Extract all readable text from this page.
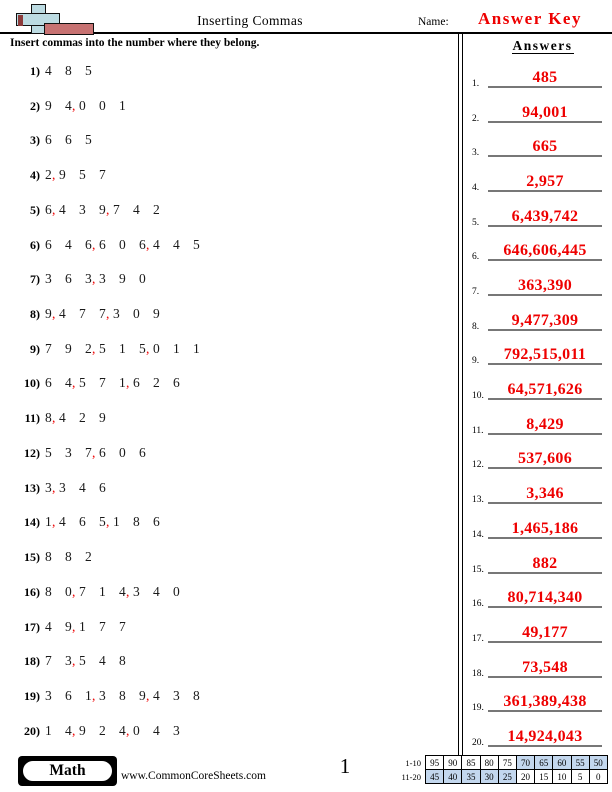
Inserting Commas	Name:	Answer Key
Insert commas into the number where they belong.
1) 4 8 5
2) 9 4, 0 0 1
3) 6 6 5
4) 2, 9 5 7
5) 6, 4 3 9, 7 4 2
6) 6 4 6, 6 0 6, 4 4 5
7) 3 6 3, 3 9 0
8) 9, 4 7 7, 3 0 9
9) 7 9 2, 5 1 5, 0 1 1
10) 6 4, 5 7 1, 6 2 6
11) 8, 4 2 9
12) 5 3 7, 6 0 6
13) 3, 3 4 6
14) 1, 4 6 5, 1 8 6
15) 8 8 2
16) 8 0, 7 1 4, 3 4 0
17) 4 9, 1 7 7
18) 7 3, 5 4 8
19) 3 6 1, 3 8 9, 4 3 8
20) 1 4, 9 2 4, 0 4 3
Answers
1.	485
2.	94,001
3.	665
4.	2,957
5.	6,439,742
6.	646,606,445
7.	363,390
8.	9,477,309
9.	792,515,011
10.	64,571,626
11.	8,429
12.	537,606
13.	3,346
14.	1,465,186
15.	882
16.	80,714,340
17.	49,177
18.	73,548
19.	361,389,438
20.	14,924,043
Math	www.CommonCoreSheets.com	1	1-10	95	90	85	80	75	70	65	60	55	50
11-20	45	40	35	30	25	20	15	10	5	0
